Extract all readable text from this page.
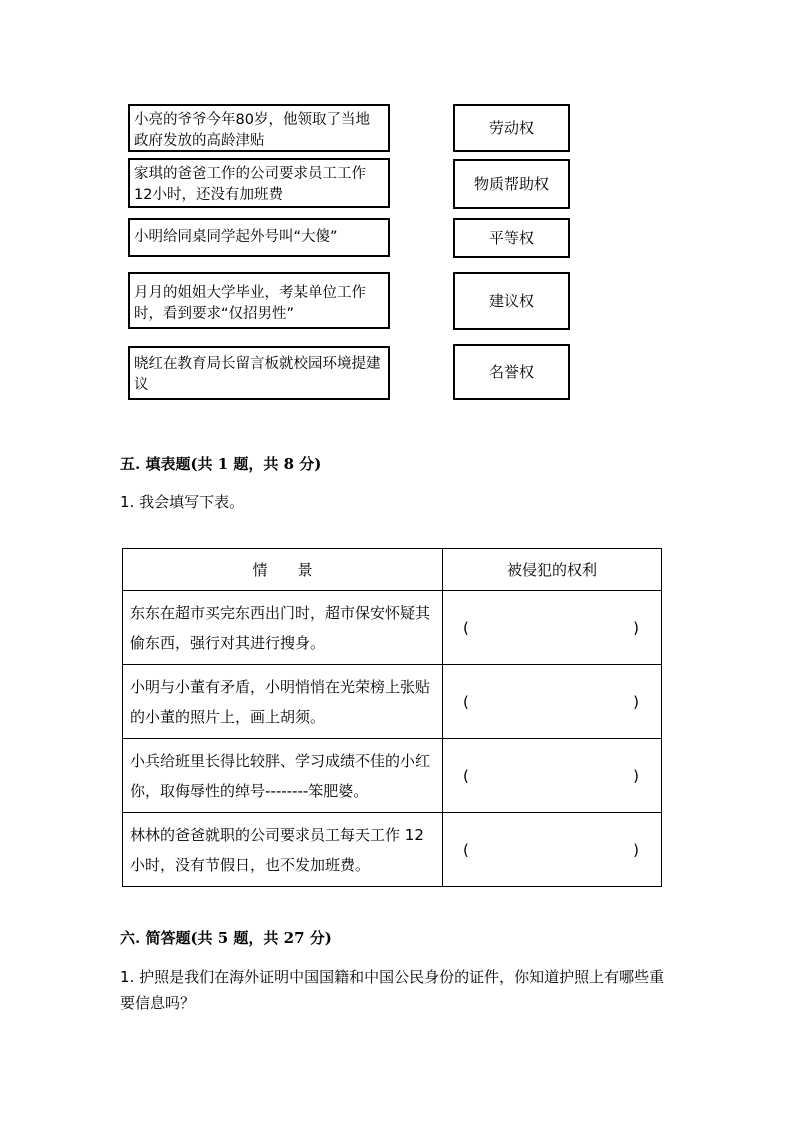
小亮的爷爷今年80岁，他领取了当地政府发放的高龄津贴
家琪的爸爸工作的公司要求员工工作12小时，还没有加班费
小明给同桌同学起外号叫“大傻”
月月的姐姐大学毕业，考某单位工作时，看到要求“仅招男性”
晓红在教育局长留言板就校园环境提建议
劳动权
物质帮助权
平等权
建议权
名誉权
五. 填表题(共 1 题，共 8 分)
1. 我会填写下表。
情　　景	被侵犯的权利
东东在超市买完东西出门时，超市保安怀疑其偷东西，强行对其进行搜身。	( )

小明与小董有矛盾，小明悄悄在光荣榜上张贴的小董的照片上，画上胡须。	( )

小兵给班里长得比较胖、学习成绩不佳的小红你，取侮辱性的绰号--------笨肥婆。	( )

林林的爸爸就职的公司要求员工每天工作 12 小时，没有节假日，也不发加班费。	( )
六. 简答题(共 5 题，共 27 分)
1. 护照是我们在海外证明中国国籍和中国公民身份的证件，你知道护照上有哪些重要信息吗？
